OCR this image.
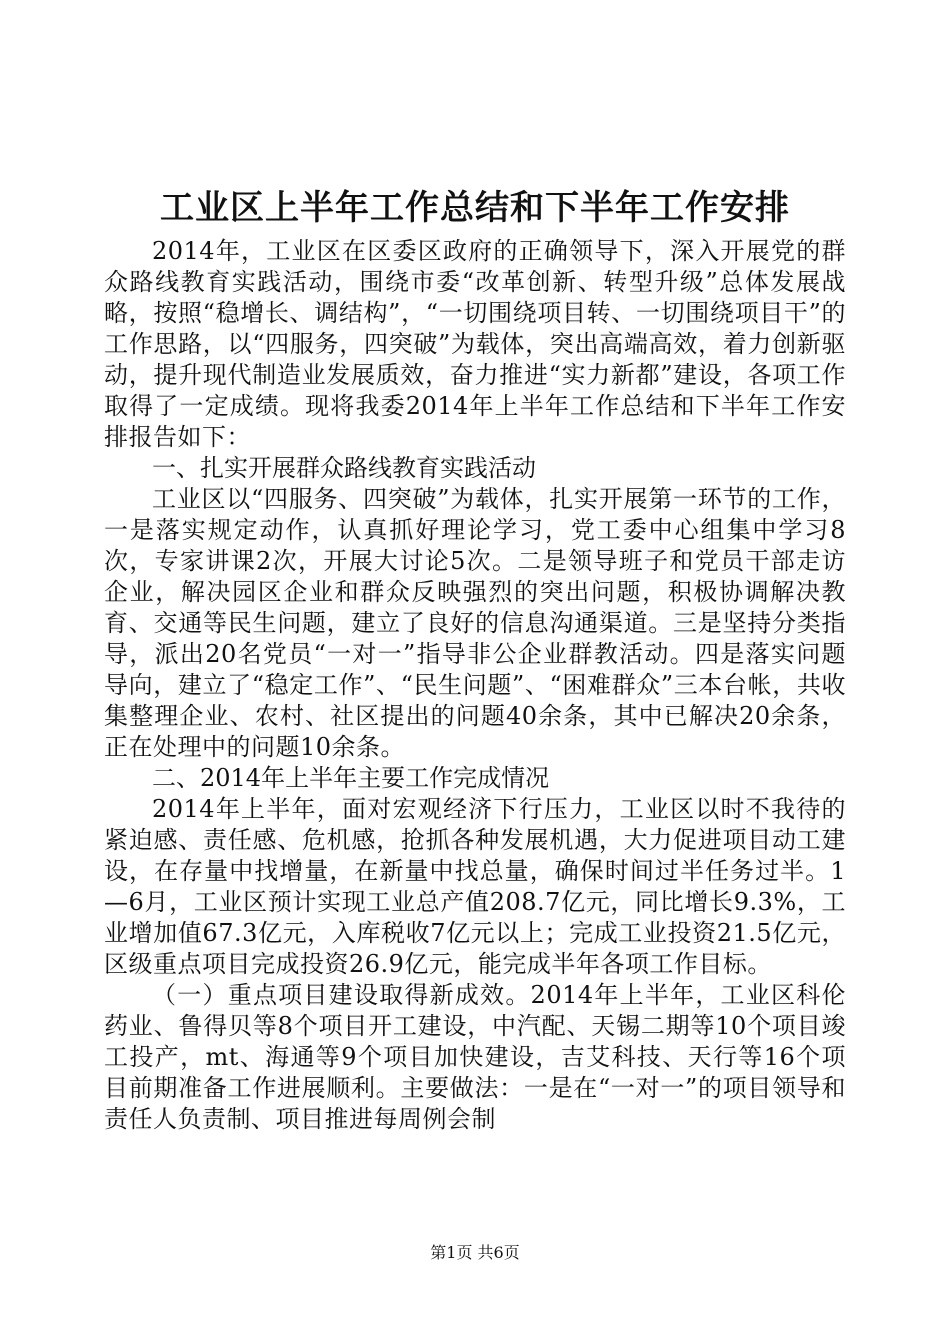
工业区上半年工作总结和下半年工作安排

2014年，工业区在区委区政府的正确领导下，深入开展党的群众路线教育实践活动，围绕市委“改革创新、转型升级”总体发展战略，按照“稳增长、调结构”，“一切围绕项目转、一切围绕项目干”的工作思路，以“四服务，四突破”为载体，突出高端高效，着力创新驱动，提升现代制造业发展质效，奋力推进“实力新都”建设，各项工作取得了一定成绩。现将我委2014年上半年工作总结和下半年工作安排报告如下：

一、扎实开展群众路线教育实践活动

工业区以“四服务、四突破”为载体，扎实开展第一环节的工作，一是落实规定动作，认真抓好理论学习，党工委中心组集中学习8次，专家讲课2次，开展大讨论5次。二是领导班子和党员干部走访企业，解决园区企业和群众反映强烈的突出问题，积极协调解决教育、交通等民生问题，建立了良好的信息沟通渠道。三是坚持分类指导，派出20名党员“一对一”指导非公企业群教活动。四是落实问题导向，建立了“稳定工作”、“民生问题”、“困难群众”三本台帐，共收集整理企业、农村、社区提出的问题40余条，其中已解决20余条，正在处理中的问题10余条。

二、2014年上半年主要工作完成情况

2014年上半年，面对宏观经济下行压力，工业区以时不我待的紧迫感、责任感、危机感，抢抓各种发展机遇，大力促进项目动工建设，在存量中找增量，在新量中找总量，确保时间过半任务过半。1—6月，工业区预计实现工业总产值208.7亿元，同比增长9.3%，工业增加值67.3亿元，入库税收7亿元以上；完成工业投资21.5亿元，区级重点项目完成投资26.9亿元，能完成半年各项工作目标。

（一）重点项目建设取得新成效。2014年上半年，工业区科伦药业、鲁得贝等8个项目开工建设，中汽配、天锡二期等10个项目竣工投产，mt、海通等9个项目加快建设，吉艾科技、天行等16个项目前期准备工作进展顺利。主要做法：一是在“一对一”的项目领导和责任人负责制、项目推进每周例会制

第1页 共6页
